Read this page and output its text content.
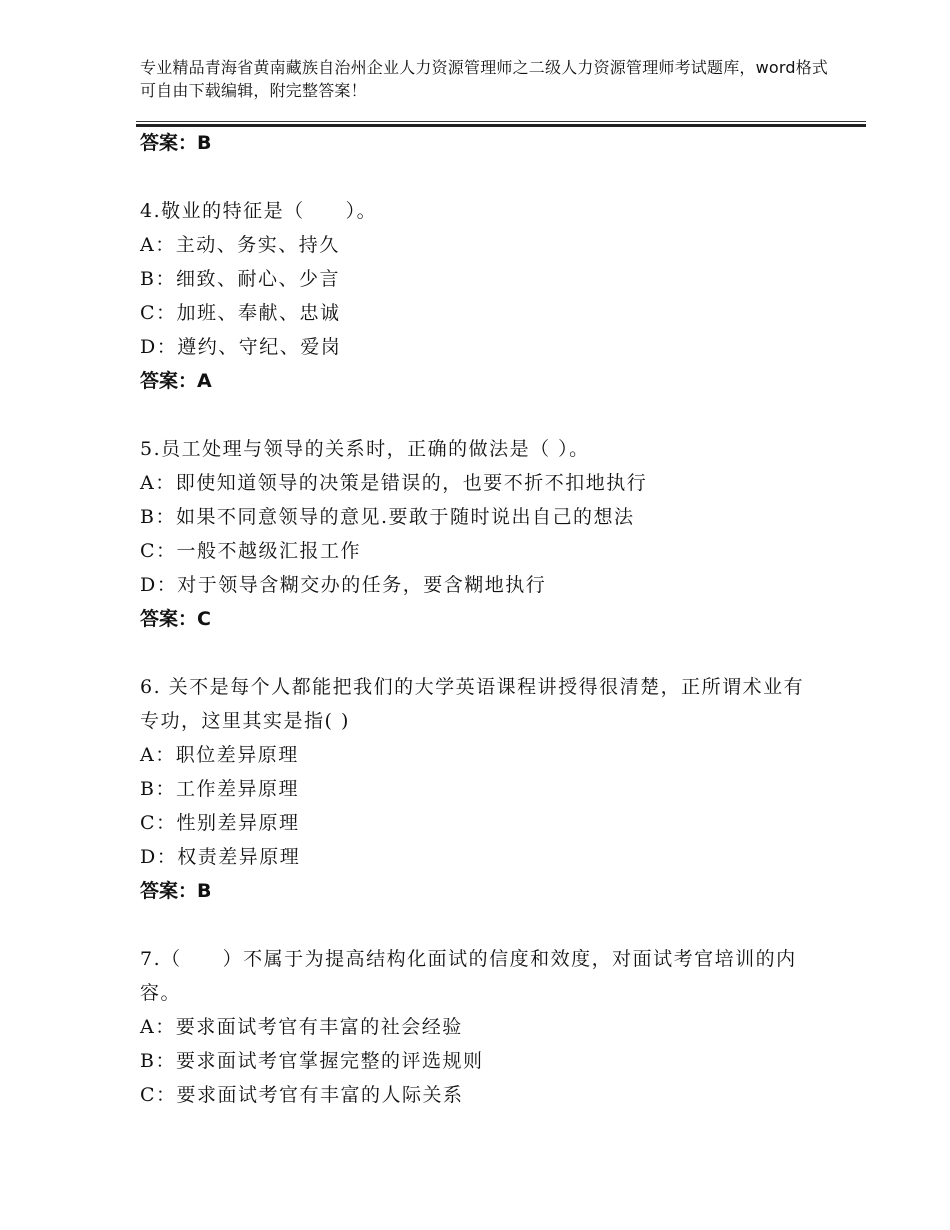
专业精品青海省黄南藏族自治州企业人力资源管理师之二级人力资源管理师考试题库，word格式可自由下载编辑，附完整答案！
答案：B
4.敬业的特征是（　　）。
A：主动、务实、持久
B：细致、耐心、少言
C：加班、奉献、忠诚
D：遵约、守纪、爱岗
答案：A
5.员工处理与领导的关系时，正确的做法是（ ）。
A：即使知道领导的决策是错误的，也要不折不扣地执行
B：如果不同意领导的意见.要敢于随时说出自己的想法
C：一般不越级汇报工作
D：对于领导含糊交办的任务，要含糊地执行
答案：C
6. 关不是每个人都能把我们的大学英语课程讲授得很清楚，正所谓术业有专功，这里其实是指( )
A：职位差异原理
B：工作差异原理
C：性别差异原理
D：权责差异原理
答案：B
7.（　　）不属于为提高结构化面试的信度和效度，对面试考官培训的内容。
A：要求面试考官有丰富的社会经验
B：要求面试考官掌握完整的评选规则
C：要求面试考官有丰富的人际关系
